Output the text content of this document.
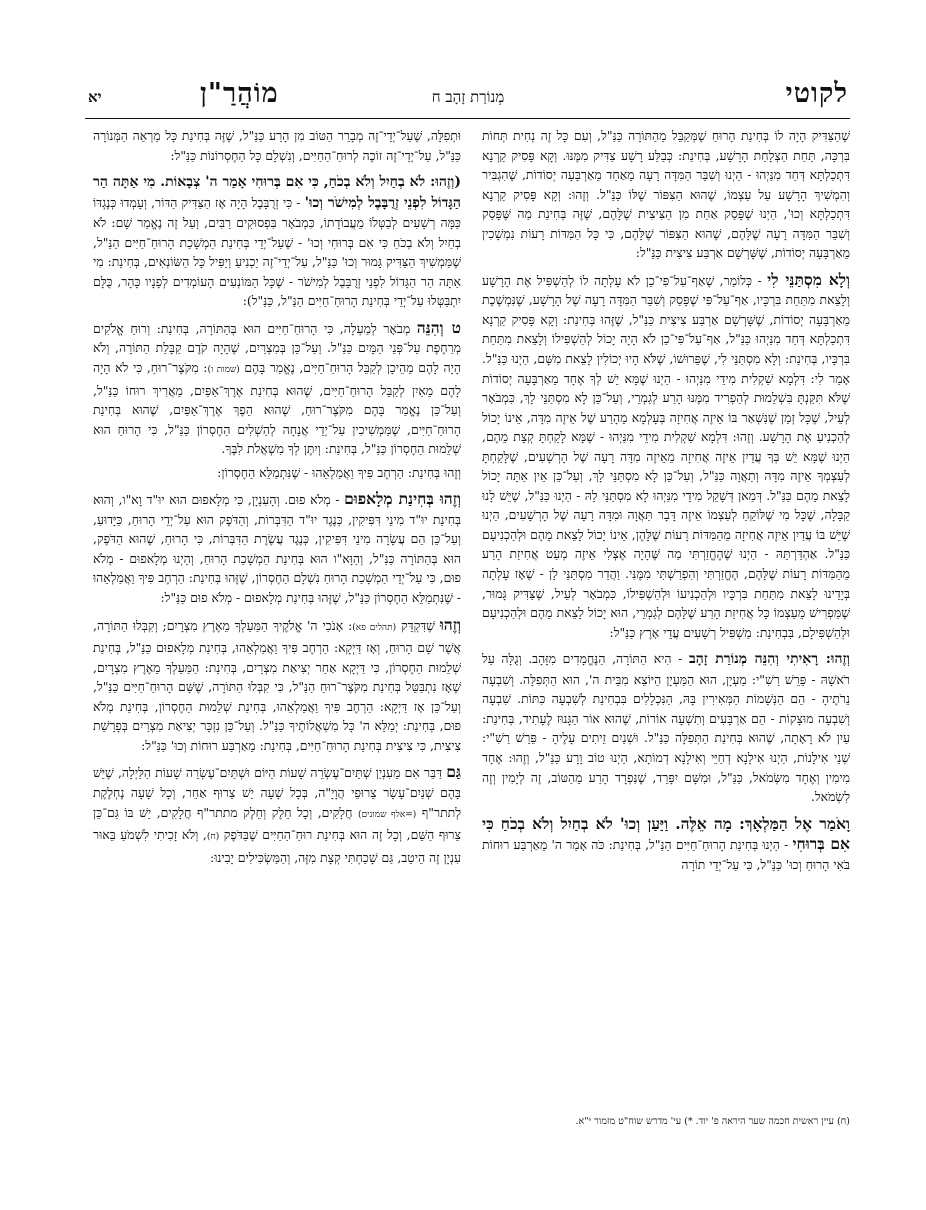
לקוטי
מְנוֹרַת זָהָב ח
מוֹהֲרַ"ן
יא

שֶׁהַצַּדִּיק הָיָה לוֹ בְּחִינַת הָרוּחַ שֶׁמְּקַבֵּל מֵהַתּוֹרָה כַּנַּ"ל, וְעִם כָּל זֶה נְחִית תְּחוֹת בִּרְכָּה, תַּחַת הַצְלָחַת הָרָשָׁע, בְּחִינַת: כְּבַלַּע רָשָׁע צַדִּיק מִמֶּנּוּ. וְקָא פָּסִיק קַרְנָא דִּתְכַלְתָּא דְּחַד מִנַּיְהוּ - הַיְנוּ וְשִׁבֵּר הַמִּדָּה רָעָה מֵאַחַד מֵאַרְבָּעָה יְסוֹדוֹת, שֶׁהִגְבִּיר וְהִמְשִׁיךְ הָרָשָׁע עַל עַצְמוֹ, שֶׁהוּא הַצִּפּוֹר שֶׁלּוֹ כַּנַּ"ל. וְזֶהוּ: וְקָא פָּסִיק קַרְנָא דִּתְכַלְתָּא וְכוּ', הַיְנוּ שֶׁפָּסַק אַחַת מִן הַצִּיצִית שֶׁלָּהֶם, שֶׁזֶּה בְּחִינַת מַה שֶּׁפָּסַק וְשִׁבֵּר הַמִּדָּה רָעָה שֶׁלָּהֶם, שֶׁהוּא הַצִּפּוֹר שֶׁלָּהֶם, כִּי כָּל הַמִּדּוֹת רָעוֹת נִמְשָׁכִין מֵאַרְבָּעָה יְסוֹדוֹת, שֶׁשָּׁרְשָׁם אַרְבַּע צִיצִית כַּנַּ"ל:

וְלָא מִסְתַּנֵּי לִי - כְּלוֹמַר, שֶׁאַף־עַל־פִּי־כֵן לֹא עָלְתָה לוֹ לְהַשְׁפִּיל אֶת הָרָשָׁע וְלָצֵאת מִתַּחַת בִּרְכָּיו, אַף־עַל־פִּי שֶׁפָּסַק וְשִׁבֵּר הַמִּדָּה רָעָה שֶׁל הָרָשָׁע, שֶׁנִּמְשֶׁכֶת מֵאַרְבָּעָה יְסוֹדוֹת, שֶׁשָּׁרְשָׁם אַרְבַּע צִיצִית כַּנַּ"ל, שֶׁזֶּהוּ בְּחִינַת: וְקָא פָּסִיק קַרְנָא דִּתְכַלְתָּא דְּחַד מִנַּיְהוּ כַּנַּ"ל, אַף־עַל־פִּי־כֵן לֹא הָיָה יָכוֹל לְהַשְׁפִּילוֹ וְלָצֵאת מִתַּחַת בִּרְכָּיו, בְּחִינַת: וְלָא מִסְתַּנֵּי לִי, שֶׁפֵּרוּשׁוֹ, שֶׁלֹּא הָיוּ יְכוֹלִין לָצֵאת מִשָּׁם, הַיְנוּ כַּנַּ"ל. אָמַר לִי: דִּלְמָא שַׁקְלִית מִידֵי מִנַּיְהוּ - הַיְנוּ שֶׁמָּא יֵשׁ לְךָ אֶחָד מֵאַרְבָּעָה יְסוֹדוֹת שֶׁלֹּא תִּקַּנְתָּ בִּשְׁלֵמוּת לְהַפְרִיד מִמֶּנּוּ הָרַע לְגַמְרֵי, וְעַל־כֵּן לָא מִסְתַּנֵּי לָךְ, כִּמְבֹאָר לְעֵיל, שֶׁכָּל זְמַן שֶׁנִּשְׁאַר בּוֹ אֵיזֶה אֲחִיזָה בְּעָלְמָא מֵהָרַע שֶׁל אֵיזֶה מִדָּה, אֵינוֹ יָכוֹל לְהַכְנִיעַ אֶת הָרָשָׁע. וְזֶהוּ: דִּלְמָא שַׁקְלִית מִידֵי מִנַּיְהוּ - שֶׁמָּא לָקַחְתָּ קְצָת מֵהֶם, הַיְנוּ שֶׁמָּא יֵשׁ בְּךָ עֲדַיִן אֵיזֶה אֲחִיזָה מֵאֵיזֶה מִדָּה רָעָה שֶׁל הָרְשָׁעִים, שֶׁלָּקַחְתָּ לְעַצְמְךָ אֵיזֶה מִדָּה וְתַאֲוָה כַּנַּ"ל, וְעַל־כֵּן לָא מִסְתַּנֵּי לָךְ, וְעַל־כֵּן אֵין אַתָּה יָכוֹל לָצֵאת מֵהֶם כַּנַּ"ל. דְּמַאן דְּשָׁקֵל מִידֵי מִנַּיְהוּ לָא מִסְתַּנֵּי לֵהּ - הַיְנוּ כַּנַּ"ל, שֶׁיֵּשׁ לָנוּ קַבָּלָה, שֶׁכָּל מִי שֶׁלּוֹקֵחַ לְעַצְמוֹ אֵיזֶה דָּבָר תַּאֲוָה וּמִדָּה רָעָה שֶׁל הָרְשָׁעִים, הַיְנוּ שֶׁיֵּשׁ בּוֹ עֲדַיִן אֵיזֶה אֲחִיזָה מֵהַמִּדּוֹת רָעוֹת שֶׁלָּהֶן, אֵינוֹ יָכוֹל לָצֵאת מֵהֶם וּלְהַכְנִיעָם כַּנַּ"ל. אַהְדַּרְתֵּהּ - הַיְנוּ שֶׁהֶחֱזַרְתִּי מַה שֶּׁהָיָה אֶצְלִי אֵיזֶה מְעַט אֲחִיזַת הָרַע מֵהַמִּדּוֹת רָעוֹת שֶׁלָּהֶם, הֶחֱזַרְתִּי וְהִפְרַשְׁתִּי מִמֶּנִּי. וַהֲדַר מִסְתַּנֵּי לָן - שֶׁאָז עָלְתָה בְּיָדֵינוּ לָצֵאת מִתַּחַת בִּרְכָּיו וּלְהַכְנִיעוֹ וּלְהַשְׁפִּילוֹ, כִּמְבֹאָר לְעֵיל, שֶׁצַּדִּיק גָּמוּר, שֶׁמַּפְרִישׁ מֵעַצְמוֹ כָּל אֲחִיזַת הָרַע שֶׁלָּהֶם לְגַמְרֵי, הוּא יָכוֹל לָצֵאת מֵהֶם וּלְהַכְנִיעָם וּלְהַשְׁפִּילָם, בִּבְחִינַת: מַשְׁפִּיל רְשָׁעִים עֲדֵי אָרֶץ כַּנַּ"ל:

וְזֶהוּ: רָאִיתִי וְהִנֵּה מְנוֹרַת זָהָב - הִיא הַתּוֹרָה, הַנֶּחֱמָדִים מִזָּהָב. וְגֻלָּה עַל רֹאשָׁהּ - פֵּרֵשׁ רַשִׁ"י: מַעְיָן, הוּא הַמַּעְיָן הַיּוֹצֵא מִבֵּית ה', הוּא הַתְּפִלָּה. וְשִׁבְעָה נֵרֹתֶיהָ - הֵם הַנְּשָׁמוֹת הַמְּאִירִין בָּהּ, הַנִּכְלָלִים בִּבְחִינַת לְשִׁבְעָה כִּתּוֹת. שִׁבְעָה וְשִׁבְעָה מוּצָקוֹת - הֵם אַרְבָּעִים וְתִשְׁעָה אוֹרוֹת, שֶׁהוּא אוֹר הַגָּנוּז לֶעָתִיד, בְּחִינַת: עַיִן לֹא רָאָתָה, שֶׁהוּא בְּחִינַת הַתְּפִלָּה כַּנַּ"ל. וּשְׁנַיִם זֵיתִים עָלֶיהָ - פֵּרֵשׁ רַשִׁ"י: שְׁנֵי אִילָנוֹת, הַיְנוּ אִילָנָא דְחַיֵּי וְאִילָנָא דְמוֹתָא, הַיְנוּ טוֹב וָרָע כַּנַּ"ל, וְזֶהוּ: אֶחָד מִימִין וְאֶחָד מִשְּׂמֹאל, כַּנַּ"ל, וּמִשָּׁם יִפָּרֵד, שֶׁנִּפְרָד הָרַע מֵהַטּוֹב, זֶה לְיָמִין וְזֶה לִשְׂמֹאל.

וָאֹמַר אֶל הַמַּלְאָךְ: מָה אֵלֶּה. וַיַּעַן וְכוּ' לֹא בְחַיִל וְלֹא בְכֹחַ כִּי אִם בְּרוּחִי - הַיְנוּ בְּחִינַת הָרוּחַ־חַיִּים הַנַּ"ל, בְּחִינַת: כֹּה אָמַר ה' מֵאַרְבַּע רוּחוֹת בֹּאִי הָרוּחַ וְכוּ' כַּנַּ"ל, כִּי עַל־יְדֵי תוֹרָה

וּתְפִלָּה, שֶׁעַל־יְדֵי־זֶה מְבָרֵר הַטּוֹב מִן הָרַע כַּנַּ"ל, שֶׁזֶּה בְּחִינַת כָּל מַרְאֵה הַמְּנוֹרָה כַּנַּ"ל, עַל־יְדֵי־זֶה זוֹכֶה לְרוּחַ־הַחַיִּים, וְנִשְׁלָם כָּל הַחֶסְרוֹנוֹת כַּנַּ"ל:

(וְזֶהוּ: לֹא בְחַיִל וְלֹא בְכֹחַ, כִּי אִם בְּרוּחִי אָמַר ה' צְבָאוֹת. מִי אַתָּה הַר הַגָּדוֹל לִפְנֵי זְרֻבָּבֶל לְמִישֹׁר וְכוּ' - כִּי זְרֻבָּבֶל הָיָה אָז הַצַּדִּיק הַדּוֹר, וְעָמְדוּ כְּנֶגְדּוֹ כַּמָּה רְשָׁעִים לְבַטְּלוֹ מֵעֲבוֹדָתוֹ, כִּמְבֹאָר בִּפְסוּקִים רַבִּים, וְעַל זֶה נֶאֱמַר שָׁם: לֹא בְחַיִל וְלֹא בְכֹחַ כִּי אִם בְּרוּחִי וְכוּ' - שֶׁעַל־יְדֵי בְּחִינַת הַמְשָׁכַת הָרוּחַ־חַיִּים הַנַּ"ל, שֶׁמַּמְשִׁיךְ הַצַּדִּיק גָּמוּר וְכוּ' כַּנַּ"ל, עַל־יְדֵי־זֶה יַכְנִיעַ וְיַפִּיל כָּל הַשּׂוֹנְאִים, בְּחִינַת: מִי אַתָּה הַר הַגָּדוֹל לִפְנֵי זְרֻבָּבֶל לְמִישֹׁר - שֶׁכָּל הַמּוֹנְעִים הָעוֹמְדִים לְפָנָיו כָּהָר, כֻּלָּם יִתְבַּטְּלוּ עַל־יְדֵי בְּחִינַת הָרוּחַ־חַיִּים הַנַּ"ל, כַּנַּ"ל):

ט וְהִנֵּה מְבֹאָר לְמַעְלָה, כִּי הָרוּחַ־חַיִּים הוּא בְּהַתּוֹרָה, בְּחִינַת: וְרוּחַ אֱלֹקִים מְרַחֶפֶת עַל־פְּנֵי הַמָּיִם כַּנַּ"ל. וְעַל־כֵּן בְּמִצְרַיִם, שֶׁהָיָה קֹדֶם קַבָּלַת הַתּוֹרָה, וְלֹא הָיָה לָהֶם מֵהֵיכָן לְקַבֵּל הָרוּחַ־חַיִּים, נֶאֱמַר בָּהֶם (שמות ו): מִקֹּצֶר־רוּחַ, כִּי לֹא הָיָה לָהֶם מֵאַיִן לְקַבֵּל הָרוּחַ־חַיִּים, שֶׁהוּא בְּחִינַת אֶרֶךְ־אַפַּיִם, מַאֲרִיךְ רוּחוֹ כַּנַּ"ל, וְעַל־כֵּן נֶאֱמַר בָּהֶם מִקֹּצֶר־רוּחַ, שֶׁהוּא הֵפֶךְ אֶרֶךְ־אַפַּיִם, שֶׁהוּא בְּחִינַת הָרוּחַ־חַיִּים, שֶׁמַּמְשִׁיכִין עַל־יְדֵי אֲנָחָה לְהַשְׁלִים הַחֶסְרוֹן כַּנַּ"ל, כִּי הָרוּחַ הוּא שְׁלֵמוּת הַחֶסְרוֹן כַּנַּ"ל, בְּחִינַת: וְיִתֶּן לְךָ מִשְׁאֲלֹת לִבֶּךָ.

וְזֶהוּ בְּחִינַת: הַרְחֶב פִּיךָ וַאֲמַלְאֵהוּ - שֶׁנִּתְמַלֵּא הַחֶסְרוֹן:

וְזֶהוּ בְּחִינַת מְלָאפוּם - מְלֹא פוּם. וְהָעִנְיָן, כִּי מְלָאפוּם הוּא יוּ"ד וָא"ו, וְהוּא בְּחִינַת יוּ"ד מִינֵי דִּפִּיקִין, כְּנֶגֶד יוּ"ד הַדִּבְּרוֹת, וְהַדֹּפֶק הוּא עַל־יְדֵי הָרוּחַ, כַּיָּדוּעַ, וְעַל־כֵּן הֵם עֲשָׂרָה מִינֵי דִּפִּיקִין, כְּנֶגֶד עֲשֶׂרֶת הַדִּבְּרוֹת, כִּי הָרוּחַ, שֶׁהוּא הַדֹּפֶק, הוּא בְּהַתּוֹרָה כַּנַּ"ל, וְהַוָּא"ו הוּא בְּחִינַת הַמְשָׁכַת הָרוּחַ, וְהַיְנוּ מְלָאפוּם - מְלֹא פוּם, כִּי עַל־יְדֵי הַמְשָׁכַת הָרוּחַ נִשְׁלָם הַחֶסְרוֹן, שֶׁזֶּהוּ בְּחִינַת: הַרְחֶב פִּיךָ וַאֲמַלְאֵהוּ - שֶׁנִּתְמַלֵּא הַחֶסְרוֹן כַּנַּ"ל, שֶׁזֶּהוּ בְּחִינַת מְלָאפוּם - מְלֹא פוּם כַּנַּ"ל:

וְזֶהוּ שֶׁדִּקְדֵּק (תהלים פא): אָנֹכִי ה' אֱלֹקֶיךָ הַמַּעַלְךָ מֵאֶרֶץ מִצְרָיִם; וְקִבְּלוּ הַתּוֹרָה, אֲשֶׁר שָׁם הָרוּחַ, וְאָז דַּיְקָא: הַרְחֶב פִּיךָ וַאֲמַלְאֵהוּ, בְּחִינַת מְלָאפוּם כַּנַּ"ל, בְּחִינַת שְׁלֵמוּת הַחֶסְרוֹן, כִּי דַּיְקָא אַחַר יְצִיאַת מִצְרַיִם, בְּחִינַת: הַמַּעַלְךָ מֵאֶרֶץ מִצְרָיִם, שֶׁאָז נִתְבַּטֵּל בְּחִינַת מִקֹּצֶר־רוּחַ הַנַּ"ל, כִּי קִבְּלוּ הַתּוֹרָה, שֶׁשָּׁם הָרוּחַ־חַיִּים כַּנַּ"ל, וְעַל־כֵּן אָז דַּיְקָא: הַרְחֶב פִּיךָ וַאֲמַלְאֵהוּ, בְּחִינַת שְׁלֵמוּת הַחֶסְרוֹן, בְּחִינַת מְלֹא פוּם, בְּחִינַת: יְמַלֵּא ה' כָּל מִשְׁאֲלוֹתֶיךָ כַּנַּ"ל. וְעַל־כֵּן נִזְכָּר יְצִיאַת מִצְרַיִם בְּפָרָשַׁת צִיצִית, כִּי צִיצִית בְּחִינַת הָרוּחַ־חַיִּים, בְּחִינַת: מֵאַרְבַּע רוּחוֹת וְכוּ' כַּנַּ"ל:

גַּם דַּבֵּר אִם מֵעִנְיַן שְׁתַּיִם־עֶשְׂרֵה שָׁעוֹת הַיּוֹם וּשְׁתַּיִם־עֶשְׂרֵה שָׁעוֹת הַלַּיְלָה, שֶׁיֵּשׁ בָּהֶם שְׁנַיִם־עָשָׂר צֵרוּפֵי הֲוָיָ"ה, בְּכָל שָׁעָה יֵשׁ צֵרוּף אַחֵר, וְכָל שָׁעָה נֶחְלֶקֶת לְתתר"ף (=אלף שמונים) חֲלָקִים, וְכָל חֵלֶק וְחֵלֶק מתתר"ף חֲלָקִים, יֵשׁ בּוֹ גַּם־כֵּן צֵרוּף הַשֵּׁם, וְכָל זֶה הוּא בְּחִינַת רוּחַ־הַחַיִּים שֶׁבַּדֹּפֶק (ח), וְלֹא זָכִיתִי לִשְׁמֹעַ בֵּאוּר עִנְיָן זֶה הֵיטֵב, גַּם שָׁכַחְתִּי קְצָת מִזֶּה, וְהַמַּשְׂכִּילִים יָבִינוּ:

(ח) עיין ראשית חכמה שער היראה פ' יוד. *) עי' מדרש שוח"ט מזמור י"א.
